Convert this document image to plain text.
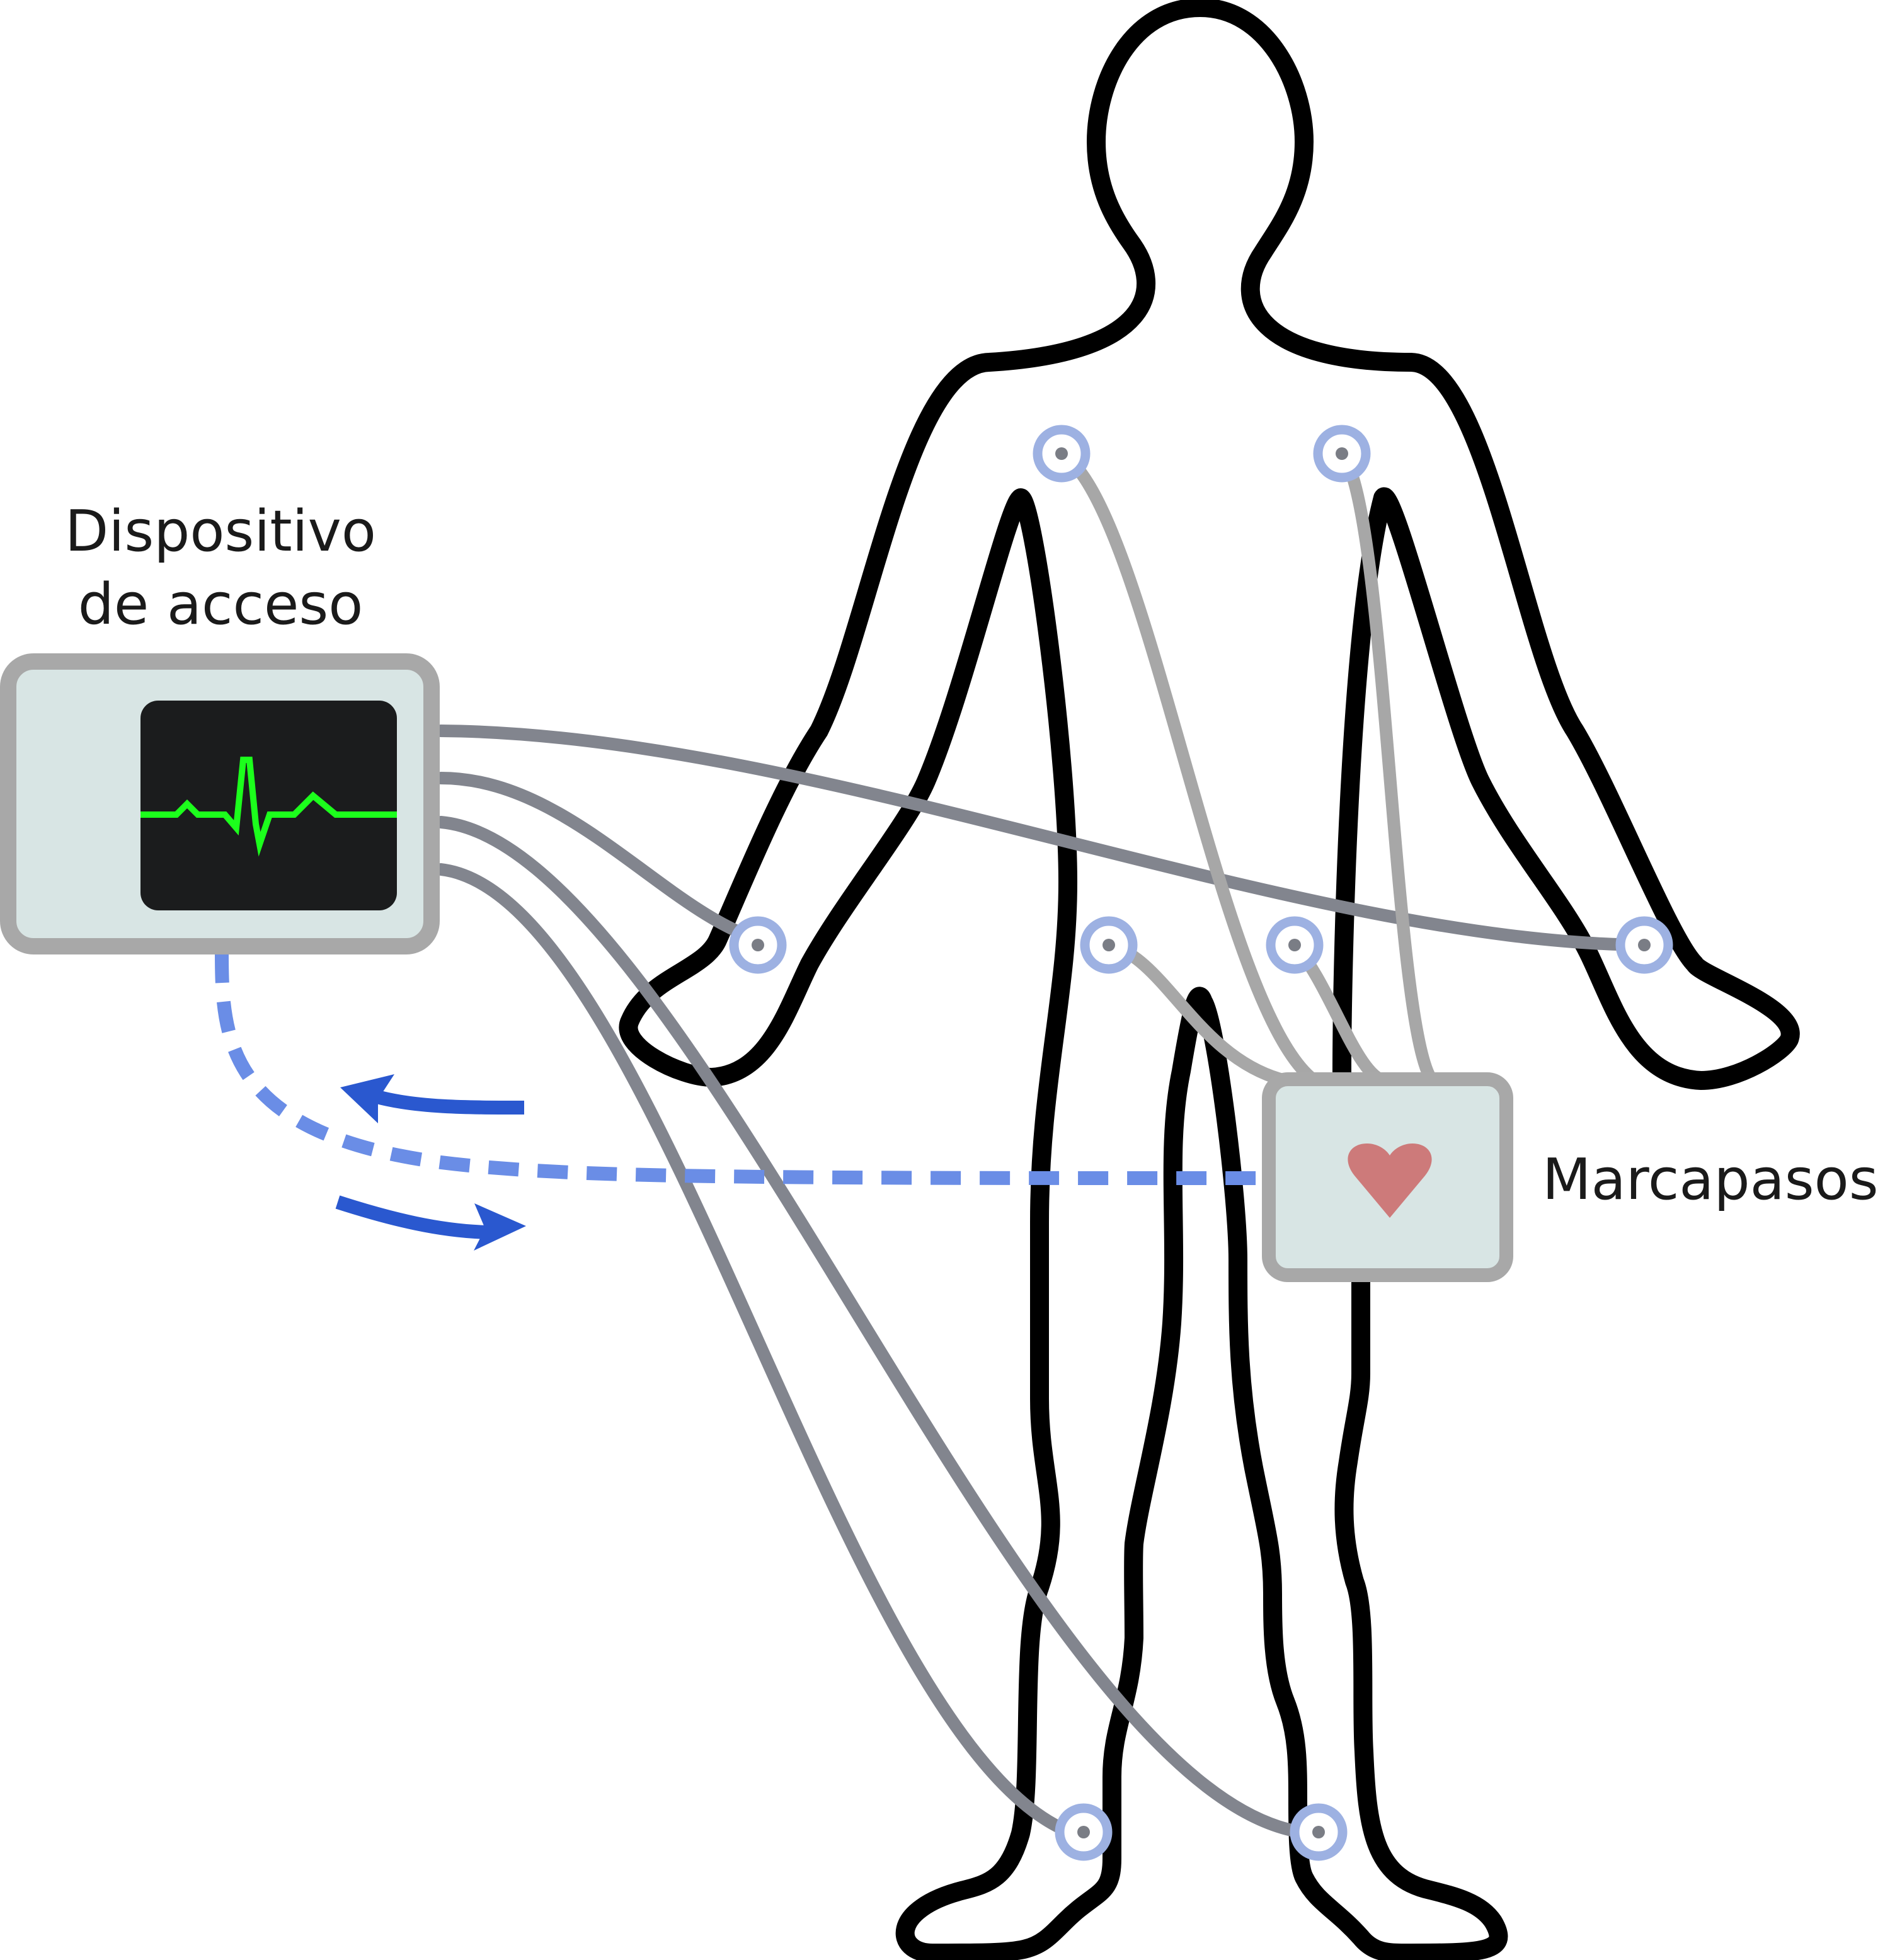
Dispositivo
de acceso
Marcapasos
